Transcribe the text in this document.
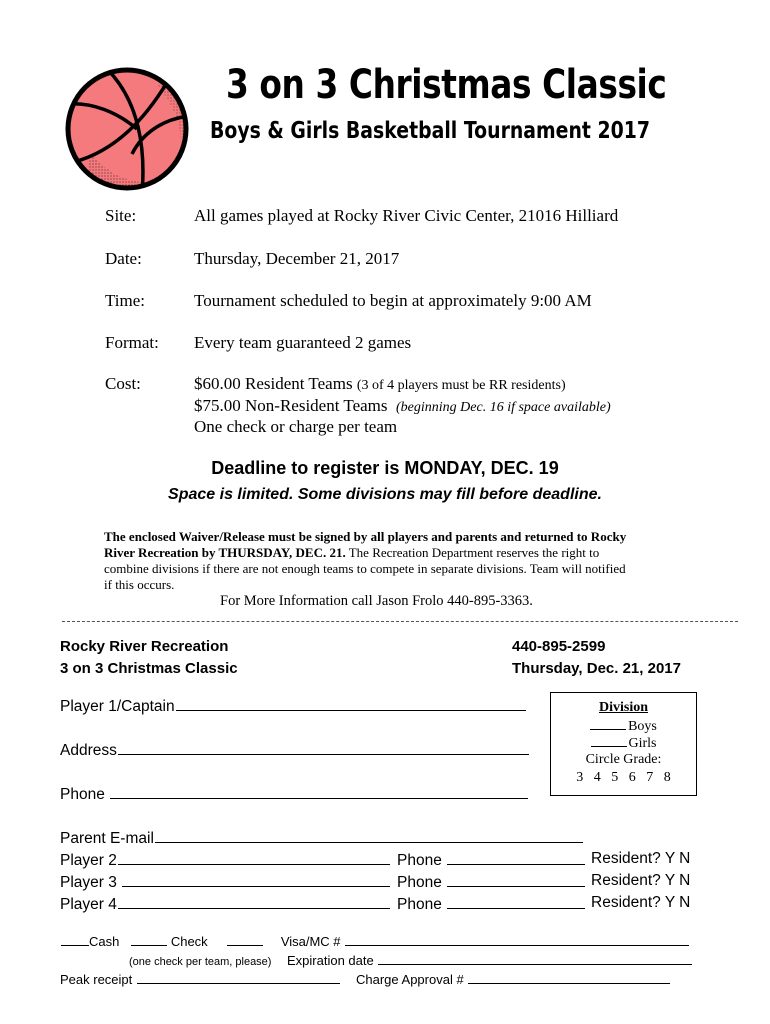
3 on 3 Christmas Classic
Boys & Girls Basketball Tournament 2017
Site:	All games played at Rocky River Civic Center, 21016 Hilliard
Date:	Thursday, December 21, 2017
Time:	Tournament scheduled to begin at approximately 9:00 AM
Format: Every team guaranteed 2 games
Cost:	$60.00 Resident Teams (3 of 4 players must be RR residents)
$75.00 Non-Resident Teams (beginning Dec. 16 if space available)
One check or charge per team
Deadline to register is MONDAY, DEC. 19
Space is limited. Some divisions may fill before deadline.
The enclosed Waiver/Release must be signed by all players and parents and returned to Rocky
River Recreation by THURSDAY, DEC. 21. The Recreation Department reserves the right to
combine divisions if there are not enough teams to compete in separate divisions. Team will notified
if this occurs.
For More Information call Jason Frolo 440-895-3363.
Rocky River Recreation
3 on 3 Christmas Classic
440-895-2599
Thursday, Dec. 21, 2017
Player 1/Captain
Address
Phone
Division
Boys
Girls
Circle Grade:
3   4   5   6   7   8
Parent E-mail
Player 2	Phone	Resident? Y N
Player 3	Phone	Resident? Y N
Player 4	Phone	Resident? Y N
Cash	Check	Visa/MC #
(one check per team, please) Expiration date
Peak receipt	Charge Approval #
